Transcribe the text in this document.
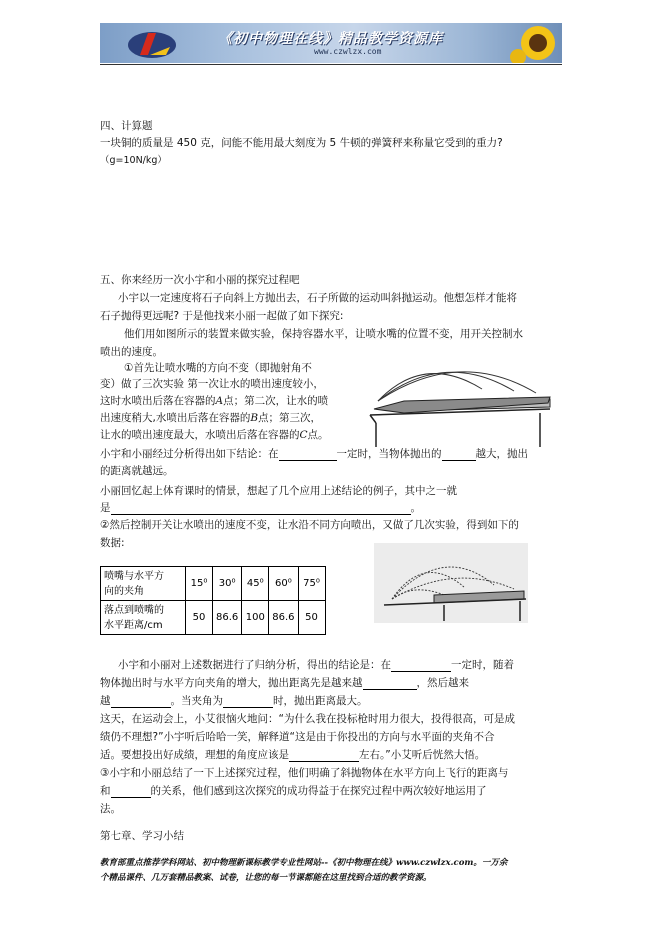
《初中物理在线》精品教学资源库
www.czwlzx.com
四、计算题
一块铜的质量是 450 克，问能不能用最大刻度为 5 牛顿的弹簧秤来称量它受到的重力?
（g=10N/kg）
五、你来经历一次小宇和小丽的探究过程吧
小宇以一定速度将石子向斜上方抛出去，石子所做的运动叫斜抛运动。他想怎样才能将
石子抛得更远呢? 于是他找来小丽一起做了如下探究:
他们用如图所示的装置来做实验，保持容器水平，让喷水嘴的位置不变，用开关控制水
喷出的速度。
①首先让喷水嘴的方向不变（即抛射角不
变）做了三次实验 第一次让水的喷出速度较小，
这时水喷出后落在容器的A点；第二次，让水的喷
出速度稍大,水喷出后落在容器的B点；第三次，
让水的喷出速度最大，水喷出后落在容器的C点。
小宇和小丽经过分析得出如下结论：在	一定时，当物体抛出的	越大，抛出
的距离就越远。
小丽回忆起上体育课时的情景，想起了几个应用上述结论的例子，其中之一就
是	。
②然后控制开关让水喷出的速度不变，让水沿不同方向喷出，又做了几次实验，得到如下的
数据:
喷嘴与水平方
向的夹角	15⁰	30⁰	45⁰	60⁰	75⁰
落点到喷嘴的
水平距离/cm	50	86.6	100	86.6	50
小宇和小丽对上述数据进行了归纳分析，得出的结论是：在	一定时，随着
物体抛出时与水平方向夹角的增大，抛出距离先是越来越	，然后越来
越	。当夹角为	时，抛出距离最大。
这天，在运动会上，小艾很恼火地问：“为什么我在投标枪时用力很大，投得很高，可是成
绩仍不理想?”小宇听后哈哈一笑，解释道“这是由于你投出的方向与水平面的夹角不合
适。要想投出好成绩，理想的角度应该是	左右。”小艾听后恍然大悟。
③小宇和小丽总结了一下上述探究过程，他们明确了斜抛物体在水平方向上飞行的距离与
和	的关系，他们感到这次探究的成功得益于在探究过程中两次较好地运用了
法。
第七章、学习小结
教育部重点推荐学科网站、初中物理新课标教学专业性网站--《初中物理在线》www.czwlzx.com。一万余
个精品课件、几万套精品教案、试卷，让您的每一节课都能在这里找到合适的教学资源。
